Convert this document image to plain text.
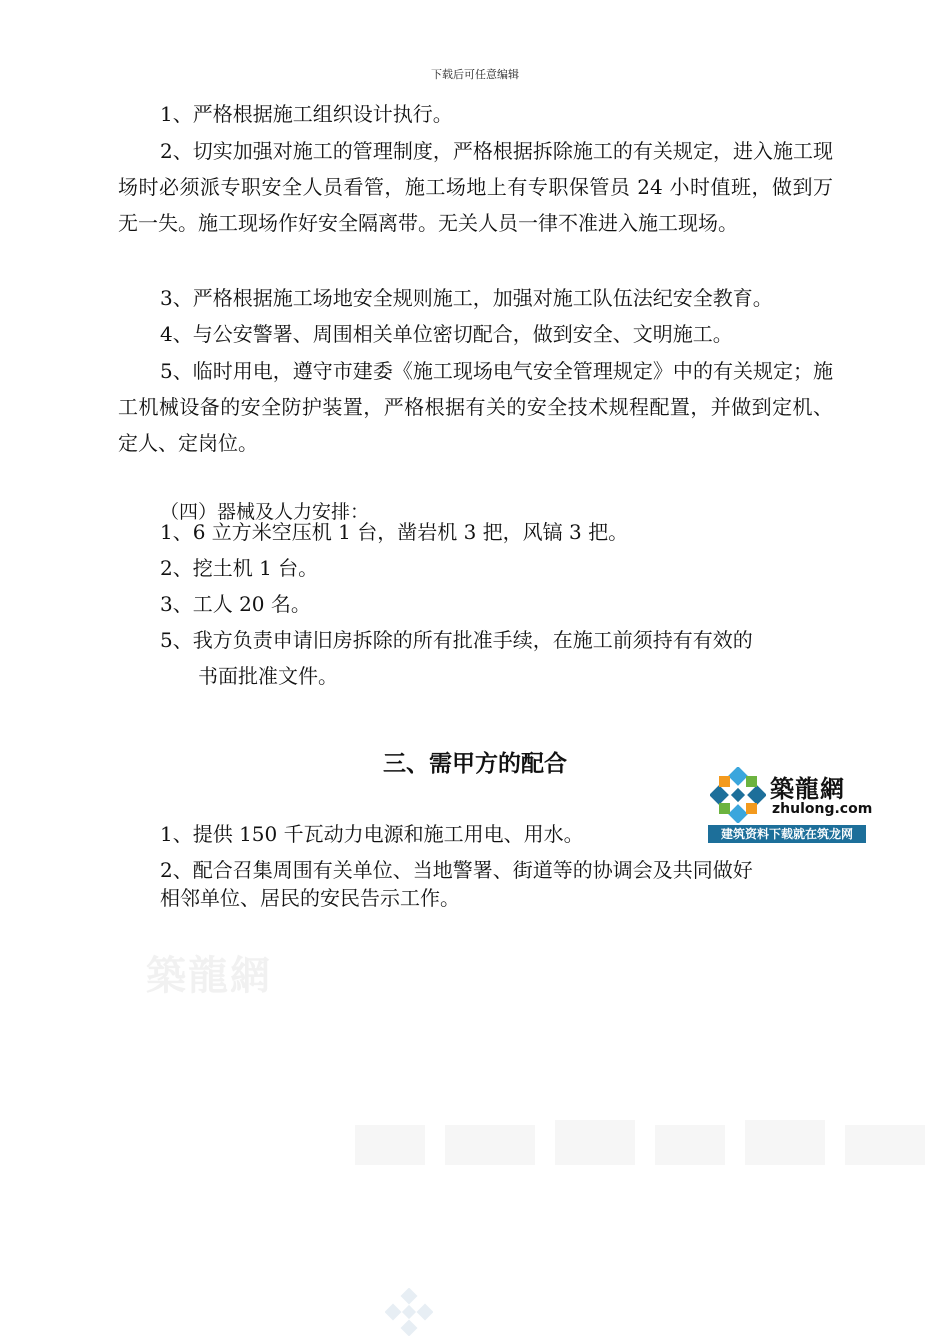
下载后可任意编辑
1、严格根据施工组织设计执行。

2、切实加强对施工的管理制度，严格根据拆除施工的有关规定，进入施工现场时必须派专职安全人员看管，施工场地上有专职保管员 24 小时值班，做到万无一失。施工现场作好安全隔离带。无关人员一律不准进入施工现场。

3、严格根据施工场地安全规则施工，加强对施工队伍法纪安全教育。
4、与公安警署、周围相关单位密切配合，做到安全、文明施工。

5、临时用电，遵守市建委《施工现场电气安全管理规定》中的有关规定；施工机械设备的安全防护装置，严格根据有关的安全技术规程配置，并做到定机、定人、定岗位。

（四）器械及人力安排：
1、6 立方米空压机 1 台，凿岩机 3 把，风镐 3 把。
2、挖土机 1 台。
3、工人 20 名。
5、我方负责申请旧房拆除的所有批准手续，在施工前须持有有效的
书面批准文件。
三、需甲方的配合
築龍網
zhulong.com
建筑资料下载就在筑龙网
1、提供 150 千瓦动力电源和施工用电、用水。
2、配合召集周围有关单位、当地警署、街道等的协调会及共同做好
相邻单位、居民的安民告示工作。
築龍網
